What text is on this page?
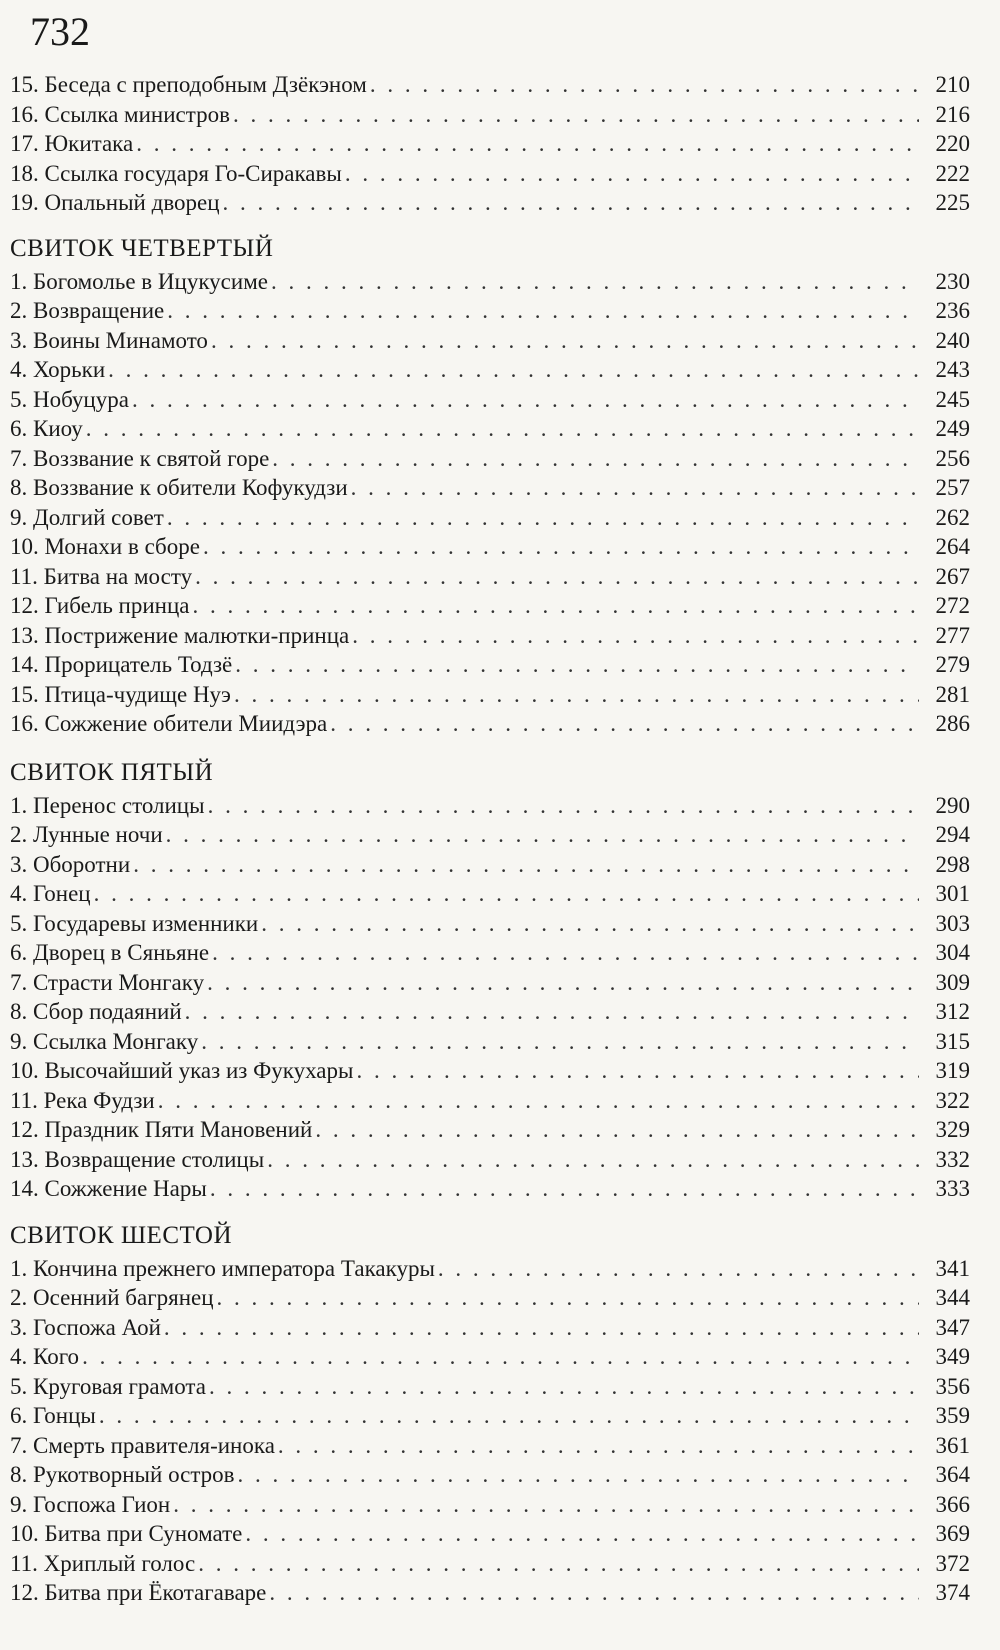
732
15. Беседа с преподобным Дзёкэном . . .	210
16. Ссылка министров . . .	216
17. Юкитака . . .	220
18. Ссылка государя Го-Сиракавы . . .	222
19. Опальный дворец . . .	225
СВИТОК ЧЕТВЕРТЫЙ
1. Богомолье в Ицукусиме . . .	230
2. Возвращение . . .	236
3. Воины Минамото . . .	240
4. Хорьки . . .	243
5. Нобуцура . . .	245
6. Киоу . . .	249
7. Воззвание к святой горе . . .	256
8. Воззвание к обители Кофукудзи . . .	257
9. Долгий совет . . .	262
10. Монахи в сборе . . .	264
11. Битва на мосту . . .	267
12. Гибель принца . . .	272
13. Пострижение малютки-принца . . .	277
14. Прорицатель Тодзё . . .	279
15. Птица-чудище Нуэ . . .	281
16. Сожжение обители Миидэра . . .	286
СВИТОК ПЯТЫЙ
1. Перенос столицы . . .	290
2. Лунные ночи . . .	294
3. Оборотни . . .	298
4. Гонец . . .	301
5. Государевы изменники . . .	303
6. Дворец в Сяньяне . . .	304
7. Страсти Монгаку . . .	309
8. Сбор подаяний . . .	312
9. Ссылка Монгаку . . .	315
10. Высочайший указ из Фукухары . . .	319
11. Река Фудзи . . .	322
12. Праздник Пяти Мановений . . .	329
13. Возвращение столицы . . .	332
14. Сожжение Нары . . .	333
СВИТОК ШЕСТОЙ
1. Кончина прежнего императора Такакуры . . .	341
2. Осенний багрянец . . .	344
3. Госпожа Аой . . .	347
4. Кого . . .	349
5. Круговая грамота . . .	356
6. Гонцы . . .	359
7. Смерть правителя-инока . . .	361
8. Рукотворный остров . . .	364
9. Госпожа Гион . . .	366
10. Битва при Суномате . . .	369
11. Хриплый голос . . .	372
12. Битва при Ёкотагаваре . . .	374
